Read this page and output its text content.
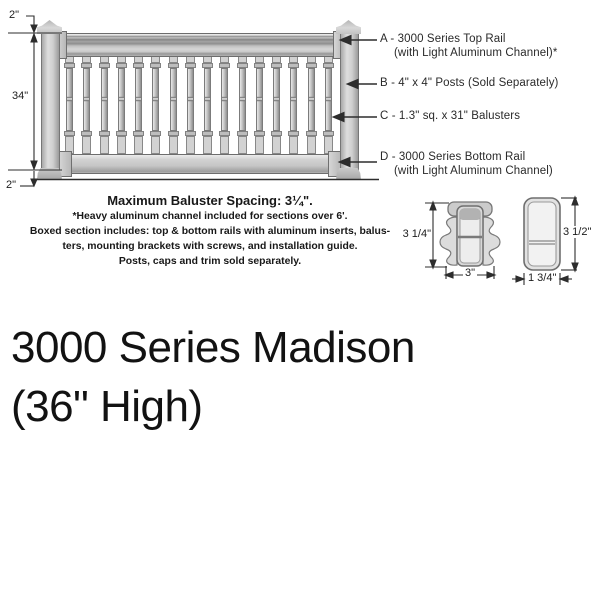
2"
34"
2"
A - 3000 Series Top Rail
(with Light Aluminum Channel)*
B - 4" x 4" Posts (Sold Separately)
C - 1.3" sq. x 31" Balusters
D - 3000 Series Bottom Rail
(with Light Aluminum Channel)
Maximum Baluster Spacing: 3¼".
*Heavy aluminum channel included for sections over 6'.
Boxed section includes: top & bottom rails with aluminum inserts, balus-
ters, mounting brackets with screws, and installation guide.
Posts, caps and trim sold separately.
3 1/4"
3"
3 1/2"
1 3/4"
3000 Series Madison
(36" High)
